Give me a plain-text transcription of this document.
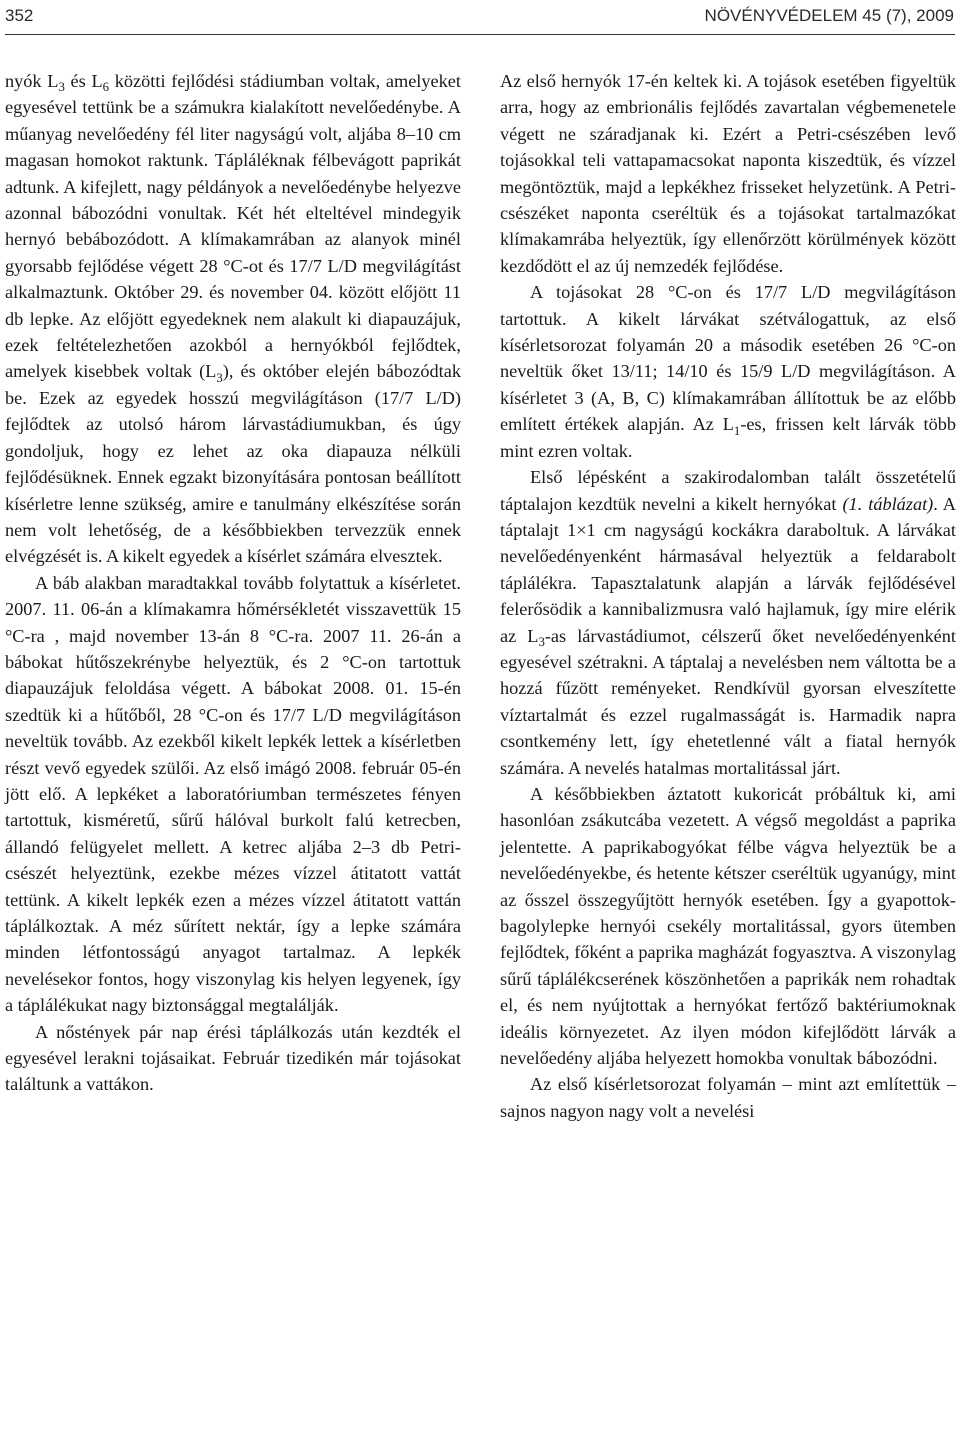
352	NÖVÉNYVÉDELEM 45 (7), 2009

nyók $L_3$ és $L_6$ közötti fejlődési stádiumban voltak, amelyeket egyesével tettünk be a számukra kialakított nevelőedénybe. A műanyag nevelőedény fél liter nagyságú volt, aljába 8–10 cm magasan homokot raktunk. Tápláléknak félbevágott paprikát adtunk. A kifejlett, nagy példányok a nevelőedénybe helyezve azonnal bábozódni vonultak. Két hét elteltével mindegyik hernyó bebábozódott. A klímakamrában az alanyok minél gyorsabb fejlődése végett 28 °C-ot és 17/7 L/D megvilágítást alkalmaztunk. Október 29. és november 04. között előjött 11 db lepke. Az előjött egyedeknek nem alakult ki diapauzájuk, ezek feltételezhetően azokból a hernyókból fejlődtek, amelyek kisebbek voltak $(L_3)$, és október elején bábozódtak be. Ezek az egyedek hosszú megvilágításon (17/7 L/D) fejlődtek az utolsó három lárvastádiumukban, és úgy gondoljuk, hogy ez lehet az oka diapauza nélküli fejlődésüknek. Ennek egzakt bizonyítására pontosan beállított kísérletre lenne szükség, amire e tanulmány elkészítése során nem volt lehetőség, de a későbbiekben tervezzük ennek elvégzését is. A kikelt egyedek a kísérlet számára elvesztek.

A báb alakban maradtakkal tovább folytattuk a kísérletet. 2007. 11. 06-án a klímakamra hőmérsékletét visszavettük 15 °C-ra , majd november 13-án 8 °C-ra. 2007 11. 26-án a bábokat hűtőszekrénybe helyeztük, és 2 °C-on tartottuk diapauzájuk feloldása végett. A bábokat 2008. 01. 15-én szedtük ki a hűtőből, 28 °C-on és 17/7 L/D megvilágításon neveltük tovább. Az ezekből kikelt lepkék lettek a kísérletben részt vevő egyedek szülői. Az első imágó 2008. február 05-én jött elő. A lepkéket a laboratóriumban természetes fényen tartottuk, kisméretű, sűrű hálóval burkolt falú ketrecben, állandó felügyelet mellett. A ketrec aljába 2–3 db Petri-csészét helyeztünk, ezekbe mézes vízzel átitatott vattát tettünk. A kikelt lepkék ezen a mézes vízzel átitatott vattán táplálkoztak. A méz sűrített nektár, így a lepke számára minden létfontosságú anyagot tartalmaz. A lepkék nevelésekor fontos, hogy viszonylag kis helyen legyenek, így a táplálékukat nagy biztonsággal megtalálják.

A nőstények pár nap érési táplálkozás után kezdték el egyesével lerakni tojásaikat. Február tizedikén már tojásokat találtunk a vattákon.

Az első hernyók 17-én keltek ki. A tojások esetében figyeltük arra, hogy az embrionális fejlődés zavartalan végbemenetele végett ne száradjanak ki. Ezért a Petri-csészében levő tojásokkal teli vattapamacsokat naponta kiszedtük, és vízzel megöntöztük, majd a lepkékhez frisseket helyzetünk. A Petri-csészéket naponta cseréltük és a tojásokat tartalmazókat klímakamrába helyeztük, így ellenőrzött körülmények között kezdődött el az új nemzedék fejlődése.

A tojásokat 28 °C-on és 17/7 L/D megvilágításon tartottuk. A kikelt lárvákat szétválogattuk, az első kísérletsorozat folyamán 20 a második esetében 26 °C-on neveltük őket 13/11; 14/10 és 15/9 L/D megvilágításon. A kísérletet 3 (A, B, C) klímakamrában állítottuk be az előbb említett értékek alapján. Az $L_1-es$, frissen kelt lárvák több mint ezren voltak.

Első lépésként a szakirodalomban talált összetételű táptalajon kezdtük nevelni a kikelt hernyókat (1. táblázat). A táptalajt 1×1 cm nagyságú kockákra daraboltuk. A lárvákat nevelőedényenként hármasával helyeztük a feldarabolt táplálékra. Tapasztalatunk alapján a lárvák fejlődésével felerősödik a kannibalizmusra való hajlamuk, így mire elérik az $L_3-as$ lárvastádiumot, célszerű őket nevelőedényenként egyesével szétrakni. A táptalaj a nevelésben nem váltotta be a hozzá fűzött reményeket. Rendkívül gyorsan elveszítette víztartalmát és ezzel rugalmasságát is. Harmadik napra csontkemény lett, így ehetetlenné vált a fiatal hernyók számára. A nevelés hatalmas mortalitással járt.

A későbbiekben áztatott kukoricát próbáltuk ki, ami hasonlóan zsákutcába vezetett. A végső megoldást a paprika jelentette. A paprikabogyókat félbe vágva helyeztük be a nevelőedényekbe, és hetente kétszer cseréltük ugyanúgy, mint az ősszel összegyűjtött hernyók esetében. Így a gyapottok-bagolylepke hernyói csekély mortalitással, gyors ütemben fejlődtek, főként a paprika magházát fogyasztva. A viszonylag sűrű táplálékcserének köszönhetően a paprikák nem rohadtak el, és nem nyújtottak a hernyókat fertőző baktériumoknak ideális környezetet. Az ilyen módon kifejlődött lárvák a nevelőedény aljába helyezett homokba vonultak bábozódni.

Az első kísérletsorozat folyamán – mint azt említettük – sajnos nagyon nagy volt a nevelési
